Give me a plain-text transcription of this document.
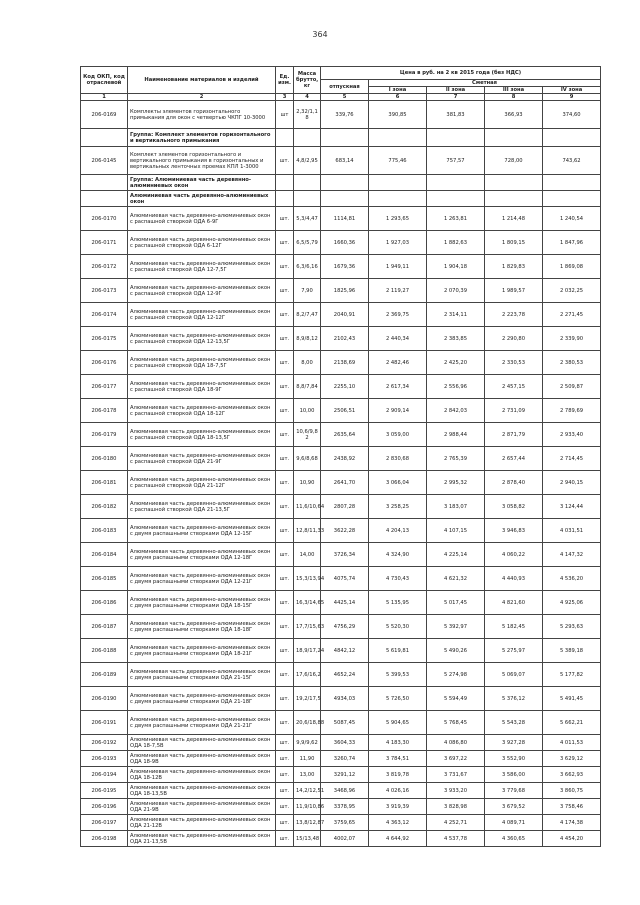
364
Код ОКП, код отраслевой	Наименование материалов и изделий	Ед. изм.	Масса брутто, кг	Цена в руб. на 2 кв 2015 года (без НДС)				
				отпускная	Сметная			
					I зона	II зона	III зона	IV зона
1	2	3	4	5	6	7	8	9
206-0169	Комплекты элементов горизонтального примыкания для окон с четвертью ЧКПГ 10-3000	шт	2,32/1,1 8	339,76	390,85	381,83	366,93	374,60
	Группа: Комплект элементов горизонтального и вертикального примыкания							
206-0145	Комплект элементов горизонтального и вертикального примыкания в горизонтальных и вертикальных ленточных проемах КПЛ 1-3000	шт.	4,8/2,95	683,14	775,46	757,57	728,00	743,62
	Группа: Алюминиевая часть деревянно-алюминиевых окон							
	Алюминиевая часть деревянно-алюминиевых окон							
206-0170	Алюминиевая часть деревянно-алюминиевых окон с распашной створкой ОДА 6-9Г	шт.	5,3/4,47	1114,81	1 293,65	1 263,81	1 214,48	1 240,54
206-0171	Алюминиевая часть деревянно-алюминиевых окон с распашной створкой ОДА 6-12Г	шт.	6,5/5,79	1660,36	1 927,03	1 882,63	1 809,15	1 847,96
206-0172	Алюминиевая часть деревянно-алюминиевых окон с распашной створкой ОДА 12-7,5Г	шт.	6,3/6,16	1679,36	1 949,11	1 904,18	1 829,83	1 869,08
206-0173	Алюминиевая часть деревянно-алюминиевых окон с распашной створкой ОДА 12-9Г	шт.	7,90	1825,96	2 119,27	2 070,39	1 989,57	2 032,25
206-0174	Алюминиевая часть деревянно-алюминиевых окон с распашной створкой ОДА 12-12Г	шт.	8,2/7,47	2040,91	2 369,75	2 314,11	2 223,78	2 271,45
206-0175	Алюминиевая часть деревянно-алюминиевых окон с распашной створкой ОДА 12-13,5Г	шт.	8,9/8,12	2102,43	2 440,34	2 383,85	2 290,80	2 339,90
206-0176	Алюминиевая часть деревянно-алюминиевых окон с распашной створкой ОДА 18-7,5Г	шт.	8,00	2138,69	2 482,46	2 425,20	2 330,53	2 380,53
206-0177	Алюминиевая часть деревянно-алюминиевых окон с распашной створкой ОДА 18-9Г	шт.	8,8/7,84	2255,10	2 617,34	2 556,96	2 457,15	2 509,87
206-0178	Алюминиевая часть деревянно-алюминиевых окон с распашной створкой ОДА 18-12Г	шт.	10,00	2506,51	2 909,14	2 842,03	2 731,09	2 789,69
206-0179	Алюминиевая часть деревянно-алюминиевых окон с распашной створкой ОДА 18-13,5Г	шт.	10,6/9,8 2	2635,64	3 059,00	2 988,44	2 871,79	2 933,40
206-0180	Алюминиевая часть деревянно-алюминиевых окон с распашной створкой ОДА 21-9Г	шт.	9,6/8,68	2438,92	2 830,68	2 765,39	2 657,44	2 714,45
206-0181	Алюминиевая часть деревянно-алюминиевых окон с распашной створкой ОДА 21-12Г	шт.	10,90	2641,70	3 066,04	2 995,32	2 878,40	2 940,15
206-0182	Алюминиевая часть деревянно-алюминиевых окон с распашной створкой ОДА 21-13,5Г	шт.	11,6/10,64	2807,28	3 258,25	3 183,07	3 058,82	3 124,44
206-0183	Алюминиевая часть деревянно-алюминиевых окон с двумя распашными створками ОДА 12-15Г	шт.	12,8/11,33	3622,28	4 204,13	4 107,15	3 946,83	4 031,51
206-0184	Алюминиевая часть деревянно-алюминиевых окон с двумя распашными створками ОДА 12-18Г	шт.	14,00	3726,34	4 324,90	4 225,14	4 060,22	4 147,32
206-0185	Алюминиевая часть деревянно-алюминиевых окон с двумя распашными створками ОДА 12-21Г	шт.	15,3/13,94	4075,74	4 730,43	4 621,32	4 440,93	4 536,20
206-0186	Алюминиевая часть деревянно-алюминиевых окон с двумя распашными створками ОДА 18-15Г	шт.	16,3/14,65	4425,14	5 135,95	5 017,45	4 821,60	4 925,06
206-0187	Алюминиевая часть деревянно-алюминиевых окон с двумя распашными створками ОДА 18-18Г	шт.	17,7/15,63	4756,29	5 520,30	5 392,97	5 182,45	5 293,63
206-0188	Алюминиевая часть деревянно-алюминиевых окон с двумя распашными створками ОДА 18-21Г	шт.	18,9/17,24	4842,12	5 619,81	5 490,26	5 275,97	5 389,18
206-0189	Алюминиевая часть деревянно-алюминиевых окон с двумя распашными створками ОДА 21-15Г	шт.	17,6/16,2	4652,24	5 399,53	5 274,98	5 069,07	5 177,82
206-0190	Алюминиевая часть деревянно-алюминиевых окон с двумя распашными створками ОДА 21-18Г	шт.	19,2/17,5	4934,03	5 726,50	5 594,49	5 376,12	5 491,45
206-0191	Алюминиевая часть деревянно-алюминиевых окон с двумя распашными створками ОДА 21-21Г	шт.	20,6/18,88	5087,45	5 904,65	5 768,45	5 543,28	5 662,21
206-0192	Алюминиевая часть деревянно-алюминиевых окон ОДА 18-7,5В	шт.	9,9/9,62	3604,33	4 183,30	4 086,80	3 927,28	4 011,53
206-0193	Алюминиевая часть деревянно-алюминиевых окон ОДА 18-9В	шт.	11,90	3260,74	3 784,51	3 697,22	3 552,90	3 629,12
206-0194	Алюминиевая часть деревянно-алюминиевых окон ОДА 18-12В	шт.	13,00	3291,12	3 819,78	3 731,67	3 586,00	3 662,93
206-0195	Алюминиевая часть деревянно-алюминиевых окон ОДА 18-13,5В	шт.	14,2/12,51	3468,96	4 026,16	3 933,20	3 779,68	3 860,75
206-0196	Алюминиевая часть деревянно-алюминиевых окон ОДА 21-9В	шт.	11,9/10,86	3378,95	3 919,39	3 828,98	3 679,52	3 758,46
206-0197	Алюминиевая часть деревянно-алюминиевых окон ОДА 21-12В	шт.	13,8/12,87	3759,65	4 363,12	4 252,71	4 089,71	4 174,38
206-0198	Алюминиевая часть деревянно-алюминиевых окон ОДА 21-13,5В	шт.	15/13,48	4002,07	4 644,92	4 537,78	4 360,65	4 454,20
